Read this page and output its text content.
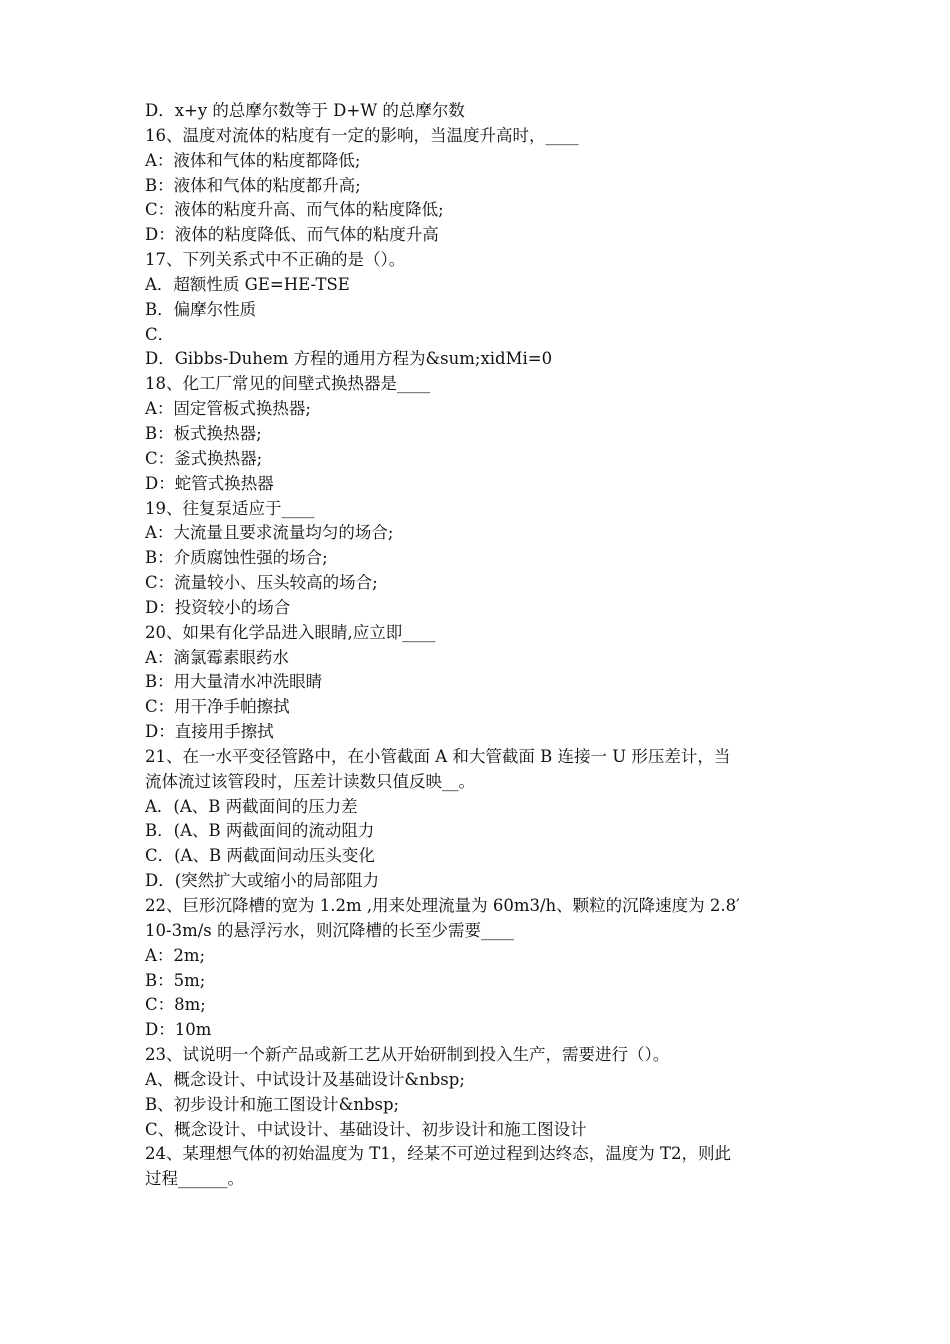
D．x+y 的总摩尔数等于 D+W 的总摩尔数
16、温度对流体的粘度有一定的影响，当温度升高时，____
A：液体和气体的粘度都降低;
B：液体和气体的粘度都升高;
C：液体的粘度升高、而气体的粘度降低;
D：液体的粘度降低、而气体的粘度升高
17、下列关系式中不正确的是（）。
A．超额性质 GE=HE-TSE
B．偏摩尔性质
C．
D．Gibbs-Duhem 方程的通用方程为&sum;xidMi=0
18、化工厂常见的间壁式换热器是____
A：固定管板式换热器;
B：板式换热器;
C：釜式换热器;
D：蛇管式换热器
19、往复泵适应于____
A：大流量且要求流量均匀的场合;
B：介质腐蚀性强的场合;
C：流量较小、压头较高的场合;
D：投资较小的场合
20、如果有化学品进入眼睛,应立即____
A：滴氯霉素眼药水
B：用大量清水冲洗眼睛
C：用干净手帕擦拭
D：直接用手擦拭
21、在一水平变径管路中，在小管截面 A 和大管截面 B 连接一 U 形压差计，当
流体流过该管段时，压差计读数只值反映__。
A．(A、B 两截面间的压力差
B．(A、B 两截面间的流动阻力
C．(A、B 两截面间动压头变化
D．(突然扩大或缩小的局部阻力
22、巨形沉降槽的宽为 1.2m ,用来处理流量为 60m3/h、颗粒的沉降速度为 2.8′
10-3m/s 的悬浮污水，则沉降槽的长至少需要____
A：2m;
B：5m;
C：8m;
D：10m
23、试说明一个新产品或新工艺从开始研制到投入生产，需要进行（）。
A、概念设计、中试设计及基础设计&nbsp;
B、初步设计和施工图设计&nbsp;
C、概念设计、中试设计、基础设计、初步设计和施工图设计
24、某理想气体的初始温度为 T1，经某不可逆过程到达终态，温度为 T2，则此
过程______。
